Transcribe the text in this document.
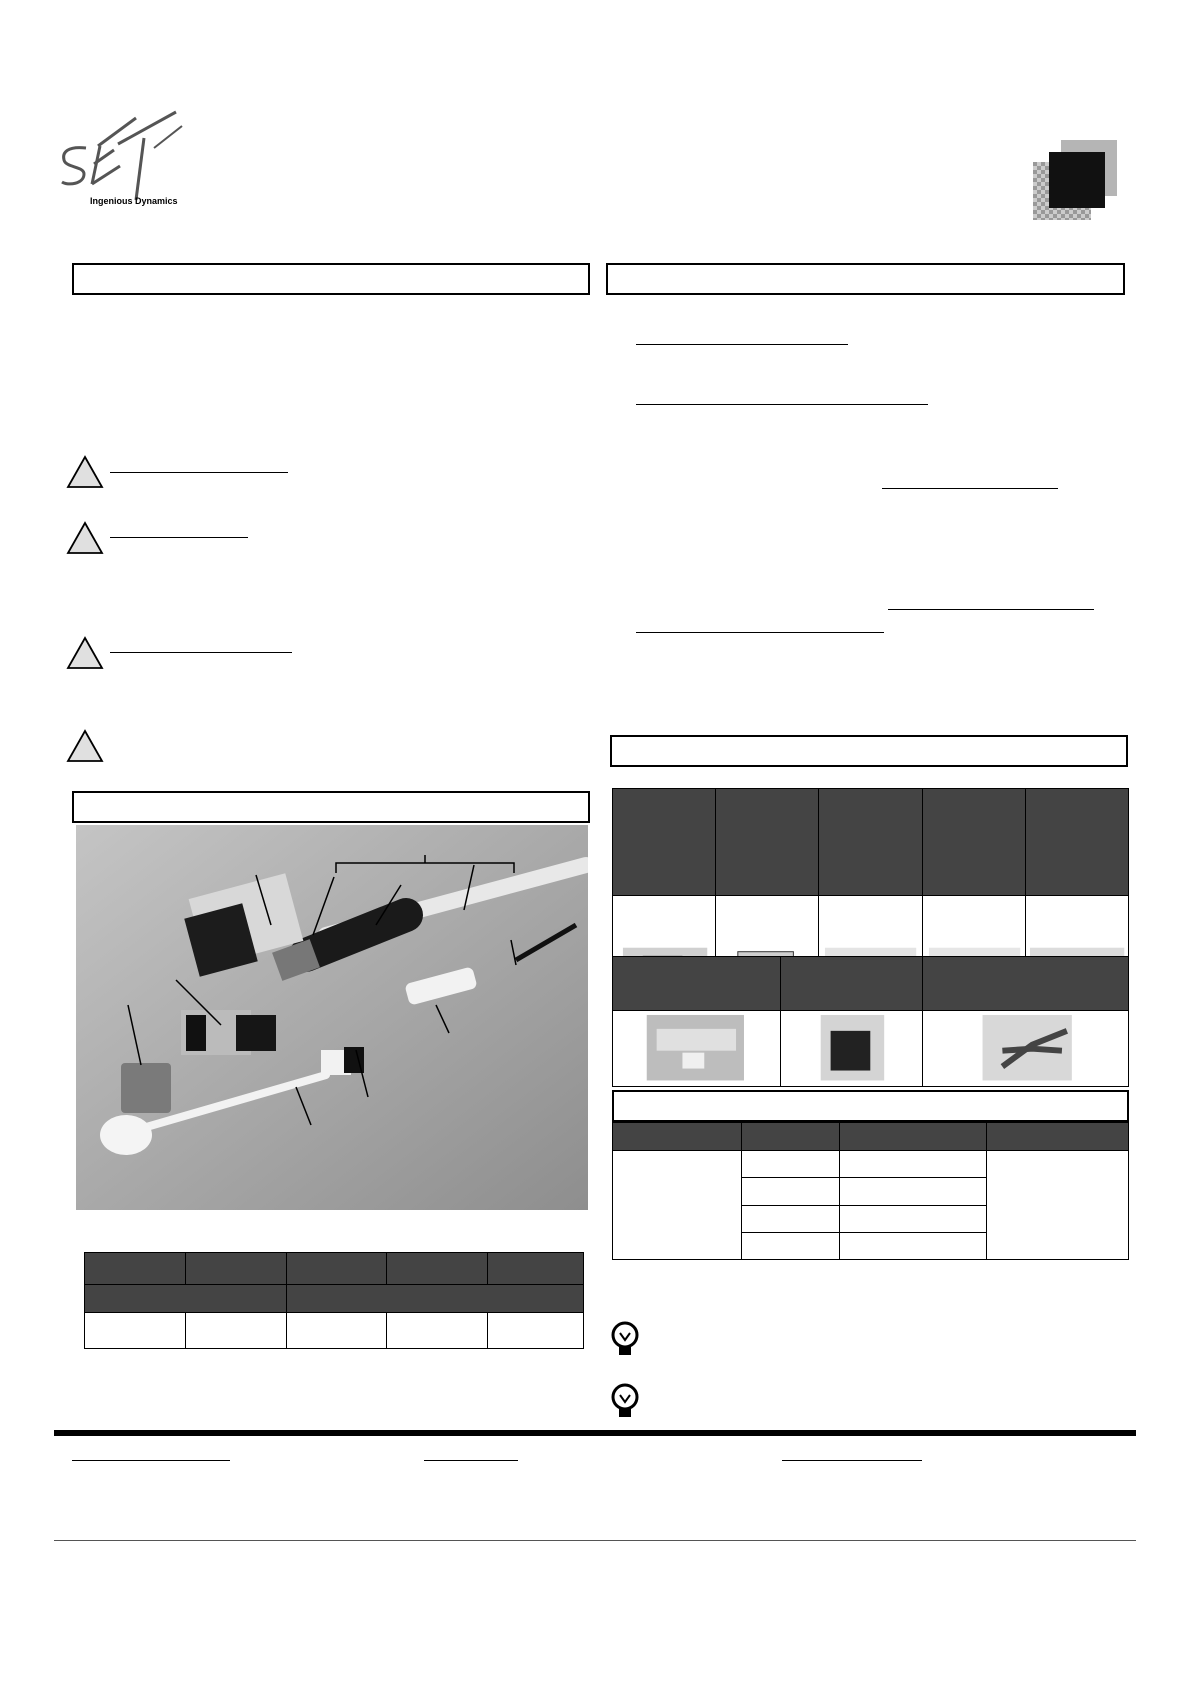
Ingenious Dynamics
